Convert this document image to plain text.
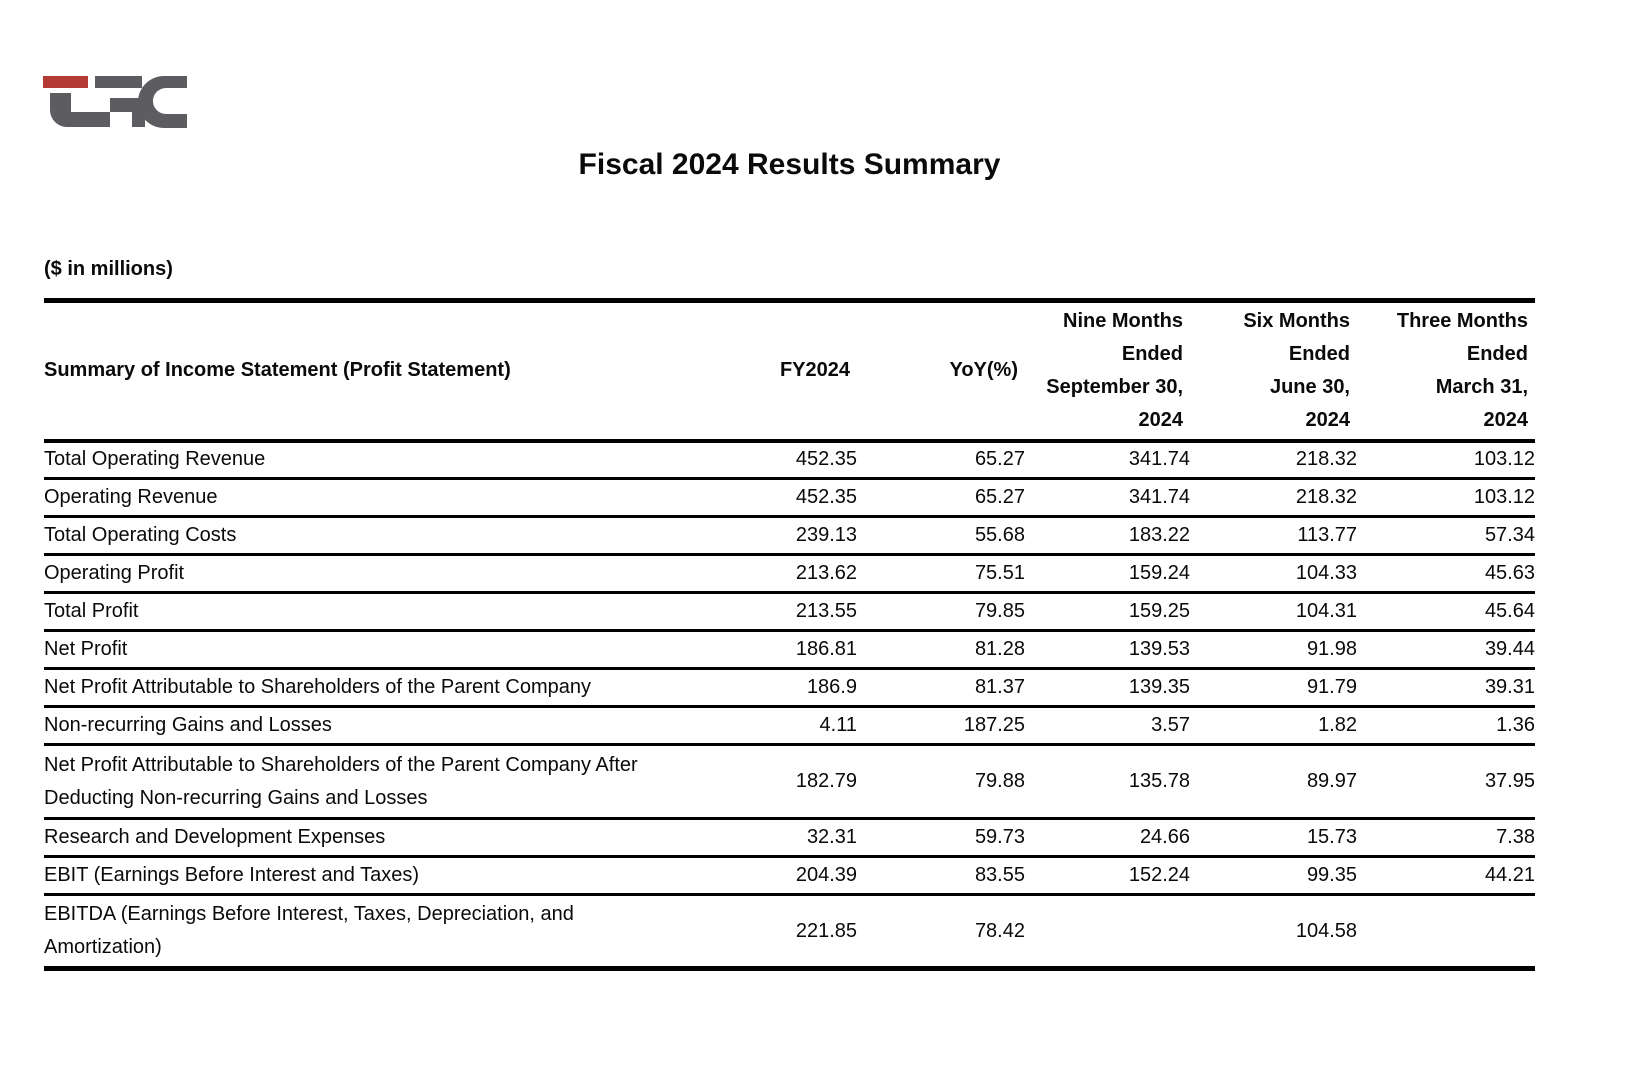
Fiscal 2024 Results Summary
($ in millions)
Summary of Income Statement (Profit Statement)	FY2024	YoY(%)	Nine Months
Ended
September 30,
2024	Six Months
Ended
June 30,
2024	Three Months
Ended
March 31,
2024

Total Operating Revenue	452.35	65.27	341.74	218.32	103.12
Operating Revenue	452.35	65.27	341.74	218.32	103.12
Total Operating Costs	239.13	55.68	183.22	113.77	57.34
Operating Profit	213.62	75.51	159.24	104.33	45.63
Total Profit	213.55	79.85	159.25	104.31	45.64
Net Profit	186.81	81.28	139.53	91.98	39.44
Net Profit Attributable to Shareholders of the Parent Company	186.9	81.37	139.35	91.79	39.31
Non-recurring Gains and Losses	4.11	187.25	3.57	1.82	1.36

Net Profit Attributable to Shareholders of the Parent Company After Deducting Non-recurring Gains and Losses	182.79	79.88	135.78	89.97	37.95
Research and Development Expenses	32.31	59.73	24.66	15.73	7.38
EBIT (Earnings Before Interest and Taxes)	204.39	83.55	152.24	99.35	44.21

EBITDA (Earnings Before Interest, Taxes, Depreciation, and Amortization)	221.85	78.42		104.58	
